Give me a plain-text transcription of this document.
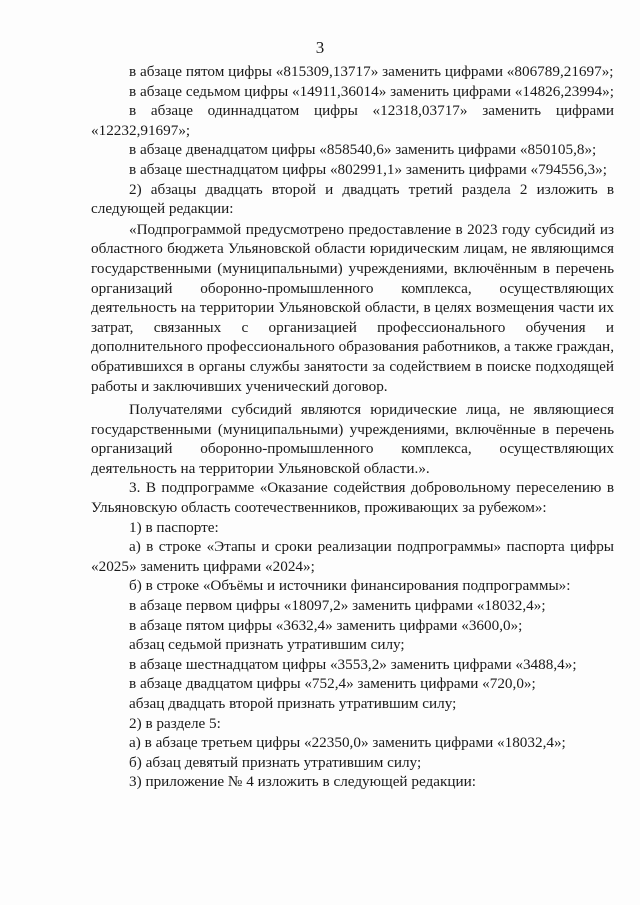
3

в абзаце пятом цифры «815309,13717» заменить цифрами «806789,21697»;

в абзаце седьмом цифры «14911,36014» заменить цифрами «14826,23994»;

в абзаце одиннадцатом цифры «12318,03717» заменить цифрами «12232,91697»;

в абзаце двенадцатом цифры «858540,6» заменить цифрами «850105,8»;

в абзаце шестнадцатом цифры «802991,1» заменить цифрами «794556,3»;

2) абзацы двадцать второй и двадцать третий раздела 2 изложить в следующей редакции:

«Подпрограммой предусмотрено предоставление в 2023 году субсидий из областного бюджета Ульяновской области юридическим лицам, не являющимся государственными (муниципальными) учреждениями, включённым в перечень организаций оборонно-промышленного комплекса, осуществляющих деятельность на территории Ульяновской области, в целях возмещения части их затрат, связанных с организацией профессионального обучения и дополнительного профессионального образования работников, а также граждан, обратившихся в органы службы занятости за содействием в поиске подходящей работы и заключивших ученический договор.

Получателями субсидий являются юридические лица, не являющиеся государственными (муниципальными) учреждениями, включённые в перечень организаций оборонно-промышленного комплекса, осуществляющих деятельность на территории Ульяновской области.».

3. В подпрограмме «Оказание содействия добровольному переселению в Ульяновскую область соотечественников, проживающих за рубежом»:

1) в паспорте:

а) в строке «Этапы и сроки реализации подпрограммы» паспорта цифры «2025» заменить цифрами «2024»;

б) в строке «Объёмы и источники финансирования подпрограммы»:

в абзаце первом цифры «18097,2» заменить цифрами «18032,4»;

в абзаце пятом цифры «3632,4» заменить цифрами «3600,0»;

абзац седьмой признать утратившим силу;

в абзаце шестнадцатом цифры «3553,2» заменить цифрами «3488,4»;

в абзаце двадцатом цифры «752,4» заменить цифрами «720,0»;

абзац двадцать второй признать утратившим силу;

2) в разделе 5:

а) в абзаце третьем цифры «22350,0» заменить цифрами «18032,4»;

б) абзац девятый признать утратившим силу;

3) приложение № 4 изложить в следующей редакции:
